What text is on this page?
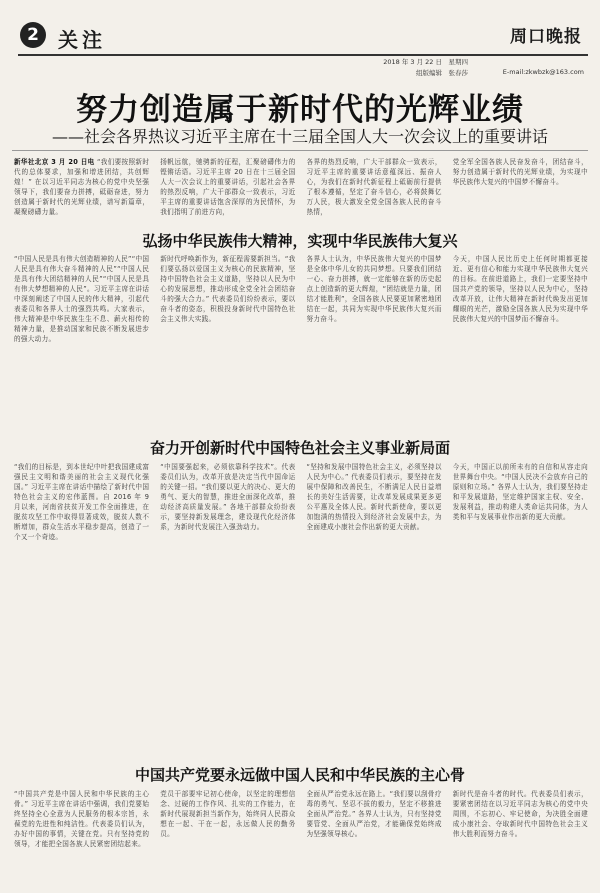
2 关注	周口晚报
2018 年 3 月 22 日　星期四
组版编辑　张春莎	E-mail:zkwbzk@163.com
努力创造属于新时代的光辉业绩
——社会各界热议习近平主席在十三届全国人大一次会议上的重要讲话
新华社北京 3 月 20 日电 “我们要按照新时代的总体要求，加强和增进团结，共创辉煌！” 在以习近平同志为核心的党中央坚强领导下，我们要奋力拼搏，砥砺奋进，努力创造属于新时代的光辉业绩，谱写新篇章，凝聚磅礴力量。
扬帆远航，驰骋新的征程，汇聚磅礴伟力的铿锵话语。习近平主席 20 日在十三届全国人大一次会议上的重要讲话，引起社会各界的热烈反响，广大干部群众一致表示，习近平主席的重要讲话饱含深厚的为民情怀，为我们指明了前进方向，
各界的热烈反响，广大干部群众一致表示，习近平主席的重要讲话意蕴深远、振奋人心，为我们在新时代新征程上砥砺前行提供了根本遵循，坚定了奋斗信心，必将鼓舞亿万人民，极大激发全党全国各族人民的奋斗热情，
党全军全国各族人民奋发奋斗，团结奋斗，努力创造属于新时代的光辉业绩，为实现中华民族伟大复兴的中国梦不懈奋斗。
弘扬中华民族伟大精神，实现中华民族伟大复兴
“中国人民是具有伟大创造精神的人民”“中国人民是具有伟大奋斗精神的人民”“中国人民是具有伟大团结精神的人民”“中国人民是具有伟大梦想精神的人民”。习近平主席在讲话中深刻阐述了中国人民的伟大精神，引起代表委员和各界人士的强烈共鸣。大家表示，伟大精神是中华民族生生不息、薪火相传的精神力量，是推动国家和民族不断发展进步的强大动力。
新时代呼唤新作为，新征程需要新担当。“我们要弘扬以爱国主义为核心的民族精神，坚持中国特色社会主义道路，坚持以人民为中心的发展思想，推动形成全党全社会团结奋斗的强大合力。” 代表委员们纷纷表示，要以奋斗者的姿态，积极投身新时代中国特色社会主义伟大实践。
各界人士认为，中华民族伟大复兴的中国梦是全体中华儿女的共同梦想。只要我们团结一心、奋力拼搏，就一定能够在新的历史起点上创造新的更大辉煌，“团结就是力量，团结才能胜利”，全国各族人民要更加紧密地团结在一起，共同为实现中华民族伟大复兴而努力奋斗。
今天，中国人民比历史上任何时期都更接近、更有信心和能力实现中华民族伟大复兴的目标。在前进道路上，我们一定要坚持中国共产党的领导，坚持以人民为中心，坚持改革开放，让伟大精神在新时代焕发出更加耀眼的光芒，激励全国各族人民为实现中华民族伟大复兴的中国梦而不懈奋斗。
奋力开创新时代中国特色社会主义事业新局面
“我们的目标是，到本世纪中叶把我国建成富强民主文明和谐美丽的社会主义现代化强国。” 习近平主席在讲话中描绘了新时代中国特色社会主义的宏伟蓝图。自 2016 年 9 月以来，河南省扶贫开发工作全面推进，在脱贫攻坚工作中取得显著成效，脱贫人数不断增加，群众生活水平稳步提高，创造了一个又一个奇迹。
“中国要强起来，必须依靠科学技术”。代表委员们认为，改革开放是决定当代中国命运的关键一招。“我们要以更大的决心、更大的勇气、更大的智慧，推进全面深化改革，推动经济高质量发展。” 各地干部群众纷纷表示，要坚持新发展理念，建设现代化经济体系，为新时代发展注入强劲动力。
“坚持和发展中国特色社会主义，必须坚持以人民为中心。” 代表委员们表示，要坚持在发展中保障和改善民生，不断满足人民日益增长的美好生活需要，让改革发展成果更多更公平惠及全体人民。新时代新使命，要以更加饱满的热情投入到经济社会发展中去，为全面建成小康社会作出新的更大贡献。
今天，中国正以前所未有的自信和从容走向世界舞台中央。“中国人民决不会放弃自己的原则和立场。” 各界人士认为，我们要坚持走和平发展道路，坚定维护国家主权、安全、发展利益，推动构建人类命运共同体，为人类和平与发展事业作出新的更大贡献。
中国共产党要永远做中国人民和中华民族的主心骨
“中国共产党是中国人民和中华民族的主心骨。” 习近平主席在讲话中强调，我们党要始终坚持全心全意为人民服务的根本宗旨，永葆党的先进性和纯洁性。代表委员们认为，办好中国的事情，关键在党。只有坚持党的领导，才能把全国各族人民紧密团结起来。
党员干部要牢记初心使命，以坚定的理想信念、过硬的工作作风、扎实的工作能力，在新时代展现新担当新作为，始终同人民群众想在一起、干在一起，永远做人民的勤务员。
全面从严治党永远在路上。“我们要以刮骨疗毒的勇气、坚忍不拔的毅力，坚定不移推进全面从严治党。” 各界人士认为，只有坚持党要管党、全面从严治党，才能确保党始终成为坚强领导核心。
新时代是奋斗者的时代。代表委员们表示，要紧密团结在以习近平同志为核心的党中央周围，不忘初心、牢记使命，为决胜全面建成小康社会、夺取新时代中国特色社会主义伟大胜利而努力奋斗。
